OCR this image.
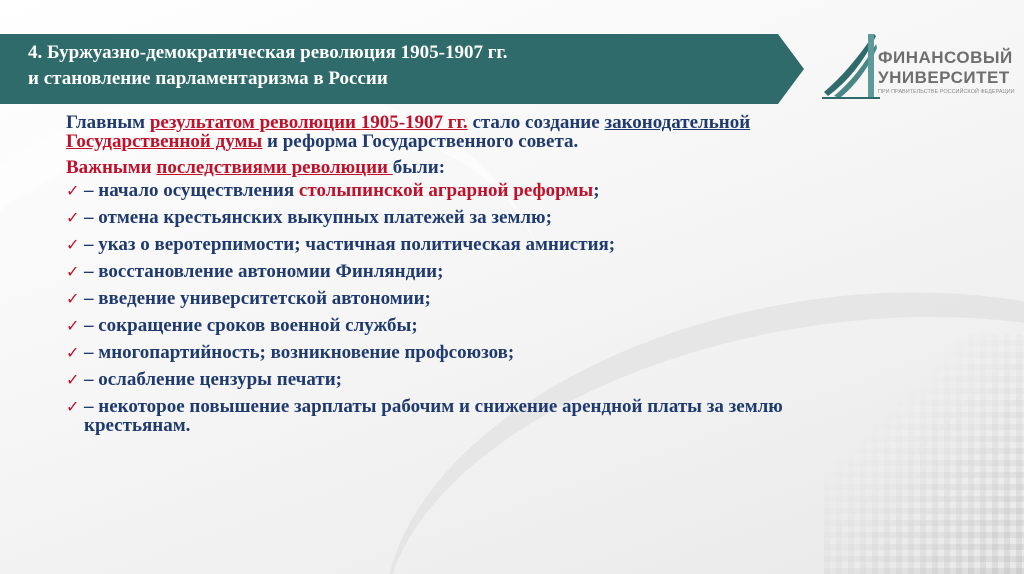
4. Буржуазно-демократическая революция 1905-1907 гг.
и становление парламентаризма в России
ФИНАНСОВЫЙ
УНИВЕРСИТЕТ
ПРИ ПРАВИТЕЛЬСТВЕ РОССИЙСКОЙ ФЕДЕРАЦИИ

Главным результатом революции 1905-1907 гг. стало создание законодательной Государственной думы и реформа Государственного совета.

Важными последствиями революции были:

✓ – начало осуществления столыпинской аграрной реформы;
✓ – отмена крестьянских выкупных платежей за землю;
✓ – указ о веротерпимости; частичная политическая амнистия;
✓ – восстановление автономии Финляндии;
✓ – введение университетской автономии;
✓ – сокращение сроков военной службы;
✓ – многопартийность; возникновение профсоюзов;
✓ – ослабление цензуры печати;
✓ – некоторое повышение зарплаты рабочим и снижение арендной платы за землю крестьянам.
